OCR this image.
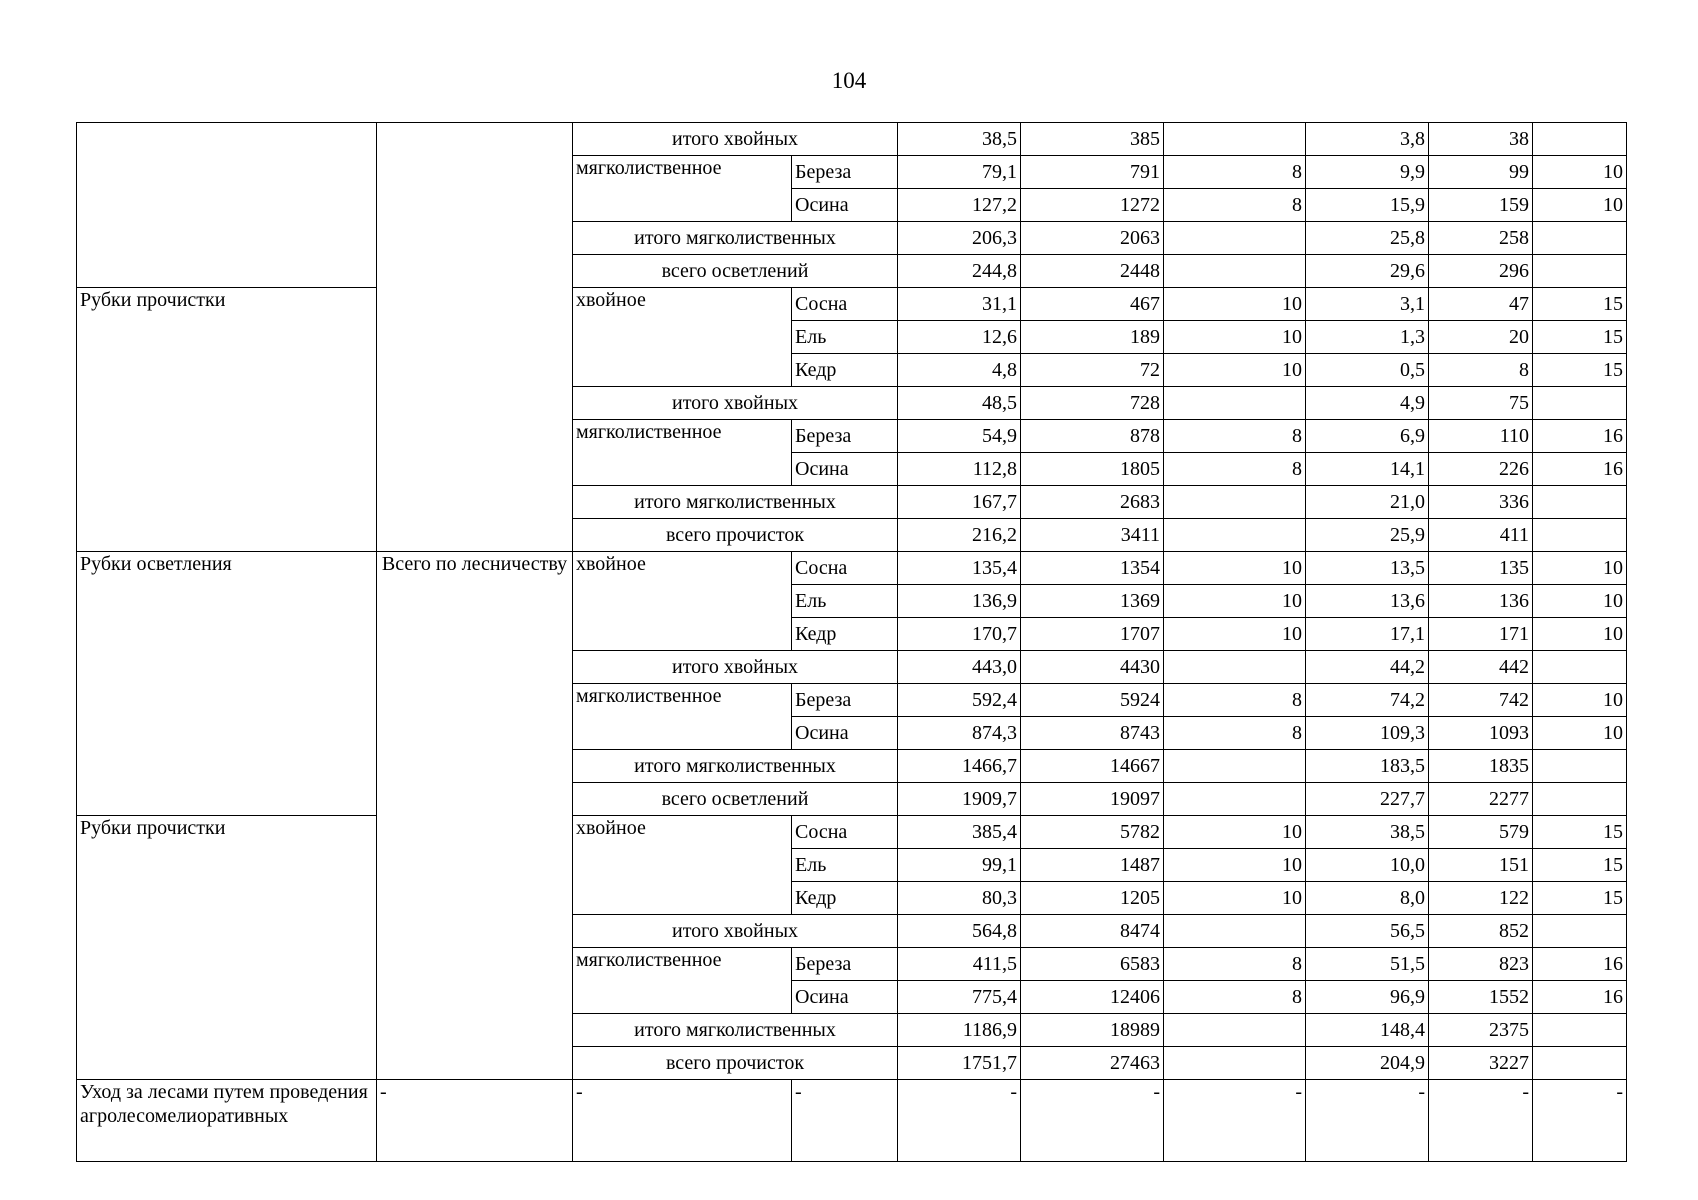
104
		итого хвойных		38,5	385		3,8	38	
		мягколиственное	Береза	79,1	791	8	9,9	99	10
			Осина	127,2	1272	8	15,9	159	10
		итого мягколиственных		206,3	2063		25,8	258	
		всего осветлений		244,8	2448		29,6	296	
Рубки прочистки		хвойное	Сосна	31,1	467	10	3,1	47	15
			Ель	12,6	189	10	1,3	20	15
			Кедр	4,8	72	10	0,5	8	15
		итого хвойных		48,5	728		4,9	75	
		мягколиственное	Береза	54,9	878	8	6,9	110	16
			Осина	112,8	1805	8	14,1	226	16
		итого мягколиственных		167,7	2683		21,0	336	
		всего прочисток		216,2	3411		25,9	411	
Рубки осветления	Всего по лесничеству	хвойное	Сосна	135,4	1354	10	13,5	135	10
			Ель	136,9	1369	10	13,6	136	10
			Кедр	170,7	1707	10	17,1	171	10
		итого хвойных		443,0	4430		44,2	442	
		мягколиственное	Береза	592,4	5924	8	74,2	742	10
			Осина	874,3	8743	8	109,3	1093	10
		итого мягколиственных		1466,7	14667		183,5	1835	
		всего осветлений		1909,7	19097		227,7	2277	
Рубки прочистки		хвойное	Сосна	385,4	5782	10	38,5	579	15
			Ель	99,1	1487	10	10,0	151	15
			Кедр	80,3	1205	10	8,0	122	15
		итого хвойных		564,8	8474		56,5	852	
		мягколиственное	Береза	411,5	6583	8	51,5	823	16
			Осина	775,4	12406	8	96,9	1552	16
		итого мягколиственных		1186,9	18989		148,4	2375	
		всего прочисток		1751,7	27463		204,9	3227	
Уход за лесами путем проведения агролесомелиоративных	-	-	-	-	-	-	-	-	-
